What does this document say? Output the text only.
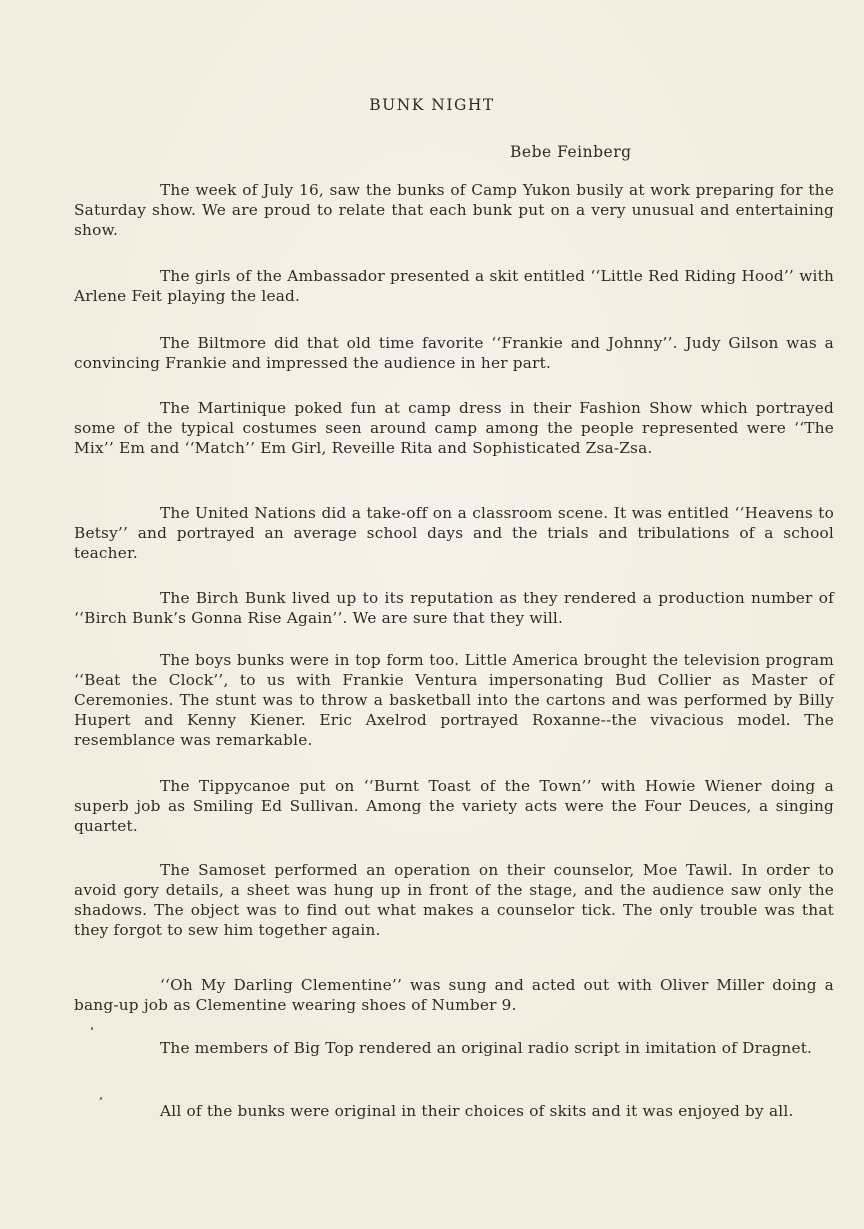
BUNK NIGHT

Bebe Feinberg

The week of July 16, saw the bunks of Camp Yukon busily at work preparing for the Saturday show. We are proud to relate that each bunk put on a very unusual and entertaining show.

The girls of the Ambassador presented a skit entitled ‘‘Little Red Riding Hood’’ with Arlene Feit playing the lead.

The Biltmore did that old time favorite ‘‘Frankie and Johnny’’. Judy Gilson was a convincing Frankie and impressed the audience in her part.

The Martinique poked fun at camp dress in their Fashion Show which portrayed some of the typical costumes seen around camp among the people represented were ‘‘The Mix’’ Em and ‘‘Match’’ Em Girl, Reveille Rita and Sophisticated Zsa-Zsa.

The United Nations did a take-off on a classroom scene. It was entitled ‘‘Heavens to Betsy’’ and portrayed an average school days and the trials and tribulations of a school teacher.

The Birch Bunk lived up to its reputation as they rendered a production number of ‘‘Birch Bunk’s Gonna Rise Again’’. We are sure that they will.

The boys bunks were in top form too. Little America brought the television program ‘‘Beat the Clock’’, to us with Frankie Ventura impersonating Bud Collier as Master of Ceremonies. The stunt was to throw a basketball into the cartons and was performed by Billy Hupert and Kenny Kiener. Eric Axelrod portrayed Roxanne--the vivacious model. The resemblance was remarkable.

The Tippycanoe put on ‘‘Burnt Toast of the Town’’ with Howie Wiener doing a superb job as Smiling Ed Sullivan. Among the variety acts were the Four Deuces, a singing quartet.

The Samoset performed an operation on their counselor, Moe Tawil. In order to avoid gory details, a sheet was hung up in front of the stage, and the audience saw only the shadows. The object was to find out what makes a counselor tick. The only trouble was that they forgot to sew him together again.

‘‘Oh My Darling Clementine’’ was sung and acted out with Oliver Miller doing a bang-up job as Clementine wearing shoes of Number 9.

The members of Big Top rendered an original radio script in imitation of Dragnet.

All of the bunks were original in their choices of skits and it was enjoyed by all.
